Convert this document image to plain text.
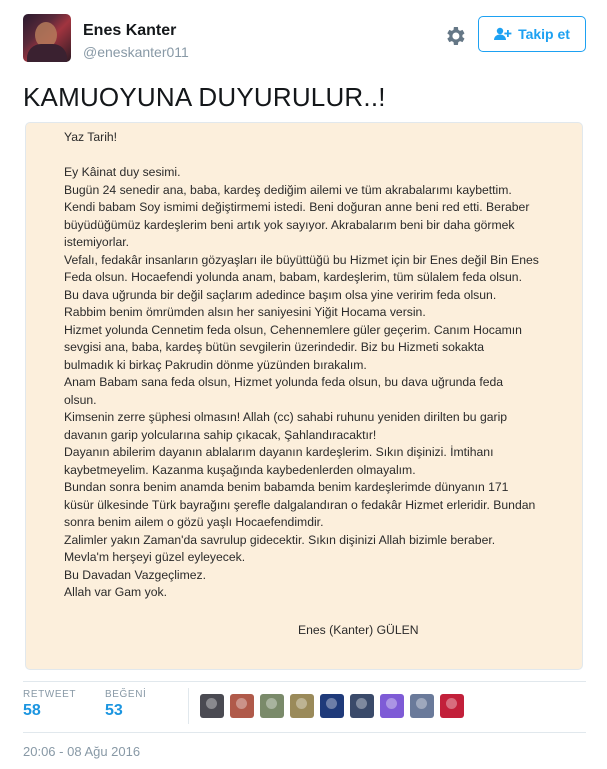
Enes Kanter
@eneskanter011
Takip et
KAMUOYUNA DUYURULUR..!
Yaz Tarih!
Ey Kâinat duy sesimi.
Bugün 24 senedir ana, baba, kardeş dediğim ailemi ve tüm akrabalarımı kaybettim.
Kendi babam Soy ismimi değiştirmemi istedi. Beni doğuran anne beni red etti. Beraber
büyüdüğümüz kardeşlerim beni artık yok sayıyor. Akrabalarım beni bir daha görmek
istemiyorlar.
Vefalı, fedakâr insanların gözyaşları ile büyüttüğü bu Hizmet için bir Enes değil Bin Enes
Feda olsun. Hocaefendi yolunda anam, babam, kardeşlerim, tüm sülalem feda olsun.
Bu dava uğrunda bir değil saçlarım adedince başım olsa yine veririm feda olsun.
Rabbim benim ömrümden alsın her saniyesini Yiğit Hocama versin.
Hizmet yolunda Cennetim feda olsun, Cehennemlere güler geçerim. Canım Hocamın
sevgisi ana, baba, kardeş bütün sevgilerin üzerindedir. Biz bu Hizmeti sokakta
bulmadık ki birkaç Pakrudin dönme yüzünden bırakalım.
Anam Babam sana feda olsun, Hizmet yolunda feda olsun, bu dava uğrunda feda
olsun.
Kimsenin zerre şüphesi olmasın! Allah (cc) sahabi ruhunu yeniden dirilten bu garip
davanın garip yolcularına sahip çıkacak, Şahlandıracaktır!
Dayanın abilerim dayanın ablalarım dayanın kardeşlerim. Sıkın dişinizi. İmtihanı
kaybetmeyelim. Kazanma kuşağında kaybedenlerden olmayalım.
Bundan sonra benim anamda benim babamda benim kardeşlerimde dünyanın 171
küsür ülkesinde Türk bayrağını şerefle dalgalandıran o fedakâr Hizmet erleridir. Bundan
sonra benim ailem o gözü yaşlı Hocaefendimdir.
Zalimler yakın Zaman'da savrulup gidecektir. Sıkın dişinizi Allah bizimle beraber.
Mevla'm herşeyi güzel eyleyecek.
Bu Davadan Vazgeçlimez.
Allah var Gam yok.
Enes (Kanter) GÜLEN
RETWEET
58
BEĞENİ
53
20:06 - 08 Ağu 2016
